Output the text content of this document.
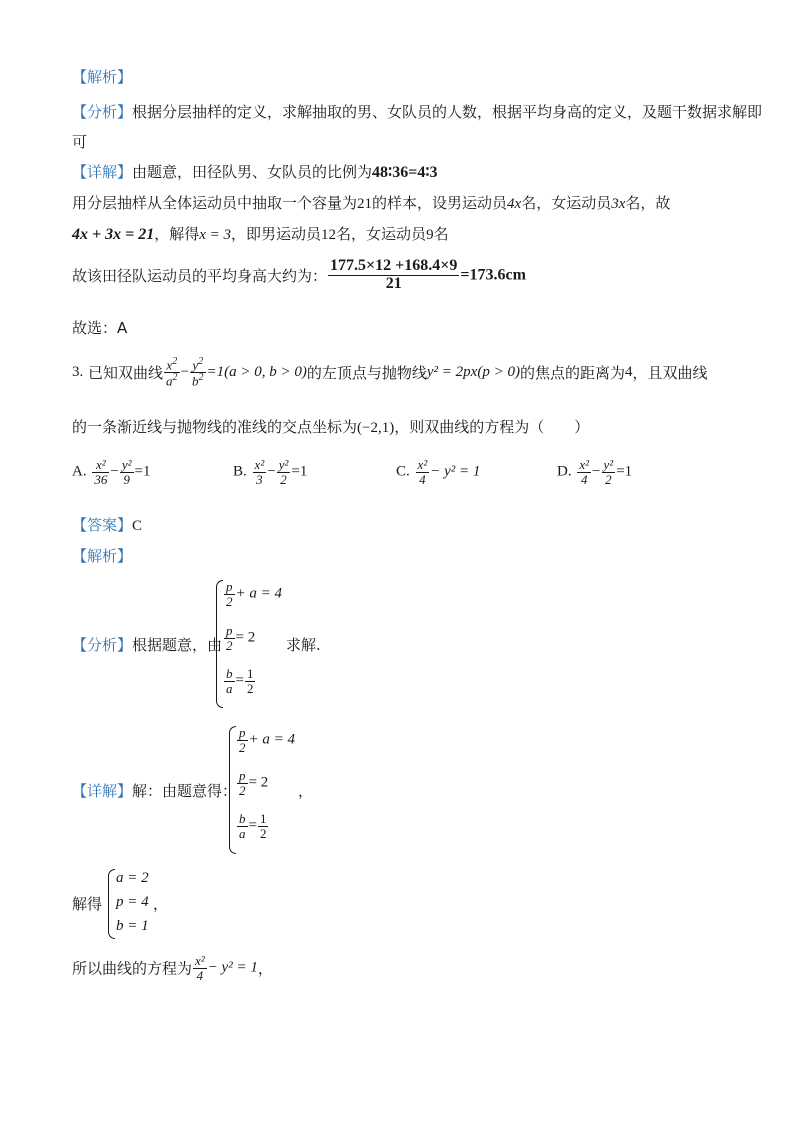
【解析】
【分析】根据分层抽样的定义，求解抽取的男、女队员的人数，根据平均身高的定义，及题干数据求解即
可
【详解】由题意，田径队男、女队员的比例为48∶36=4∶3
用分层抽样从全体运动员中抽取一个容量为21的样本，设男运动员4x名，女运动员3x名，故
4x + 3x = 21，解得x = 3，即男运动员12名，女运动员9名
故该田径队运动员的平均身高大约为： $\frac{177.5\times 12 +168.4\times 9}{21} =173.6cm$
故选：A
3. 已知双曲线 $\frac{x^2}{a^2} - \frac{y^2}{b^2} =1(a > 0$, b > 0)的左顶点与抛物线y² = 2px(p > 0)的焦点的距离为4，且双曲线
的一条渐近线与抛物线的准线的交点坐标为(−2,1)，则双曲线的方程为（　　）
A. $\frac{\text{x²}}{36} - \frac{\text{y²}}{9} =1$	B. $\frac{\text{x²}}{3} - \frac{\text{y²}}{2} =1$	C. $\frac{\text{x²}}{4} - y^2 = 1$	D. $\frac{\text{x²}}{4} - \frac{\text{y²}}{2} =1$
【答案】C
【解析】
【分析】根据题意，由
$\frac{p}{2} + a = 4$
$\frac{p}{2} = 2$
$\frac{b}{a} = \frac{1}{2}$
求解.
【详解】解：由题意得：
$\frac{p}{2} + a = 4$
$\frac{p}{2} = 2$
$\frac{b}{a} = \frac{1}{2}$
，
解得
a = 2
p = 4
b = 1
，
所以曲线的方程为 $\frac{\text{x²}}{4} - y^2 = 1$，
